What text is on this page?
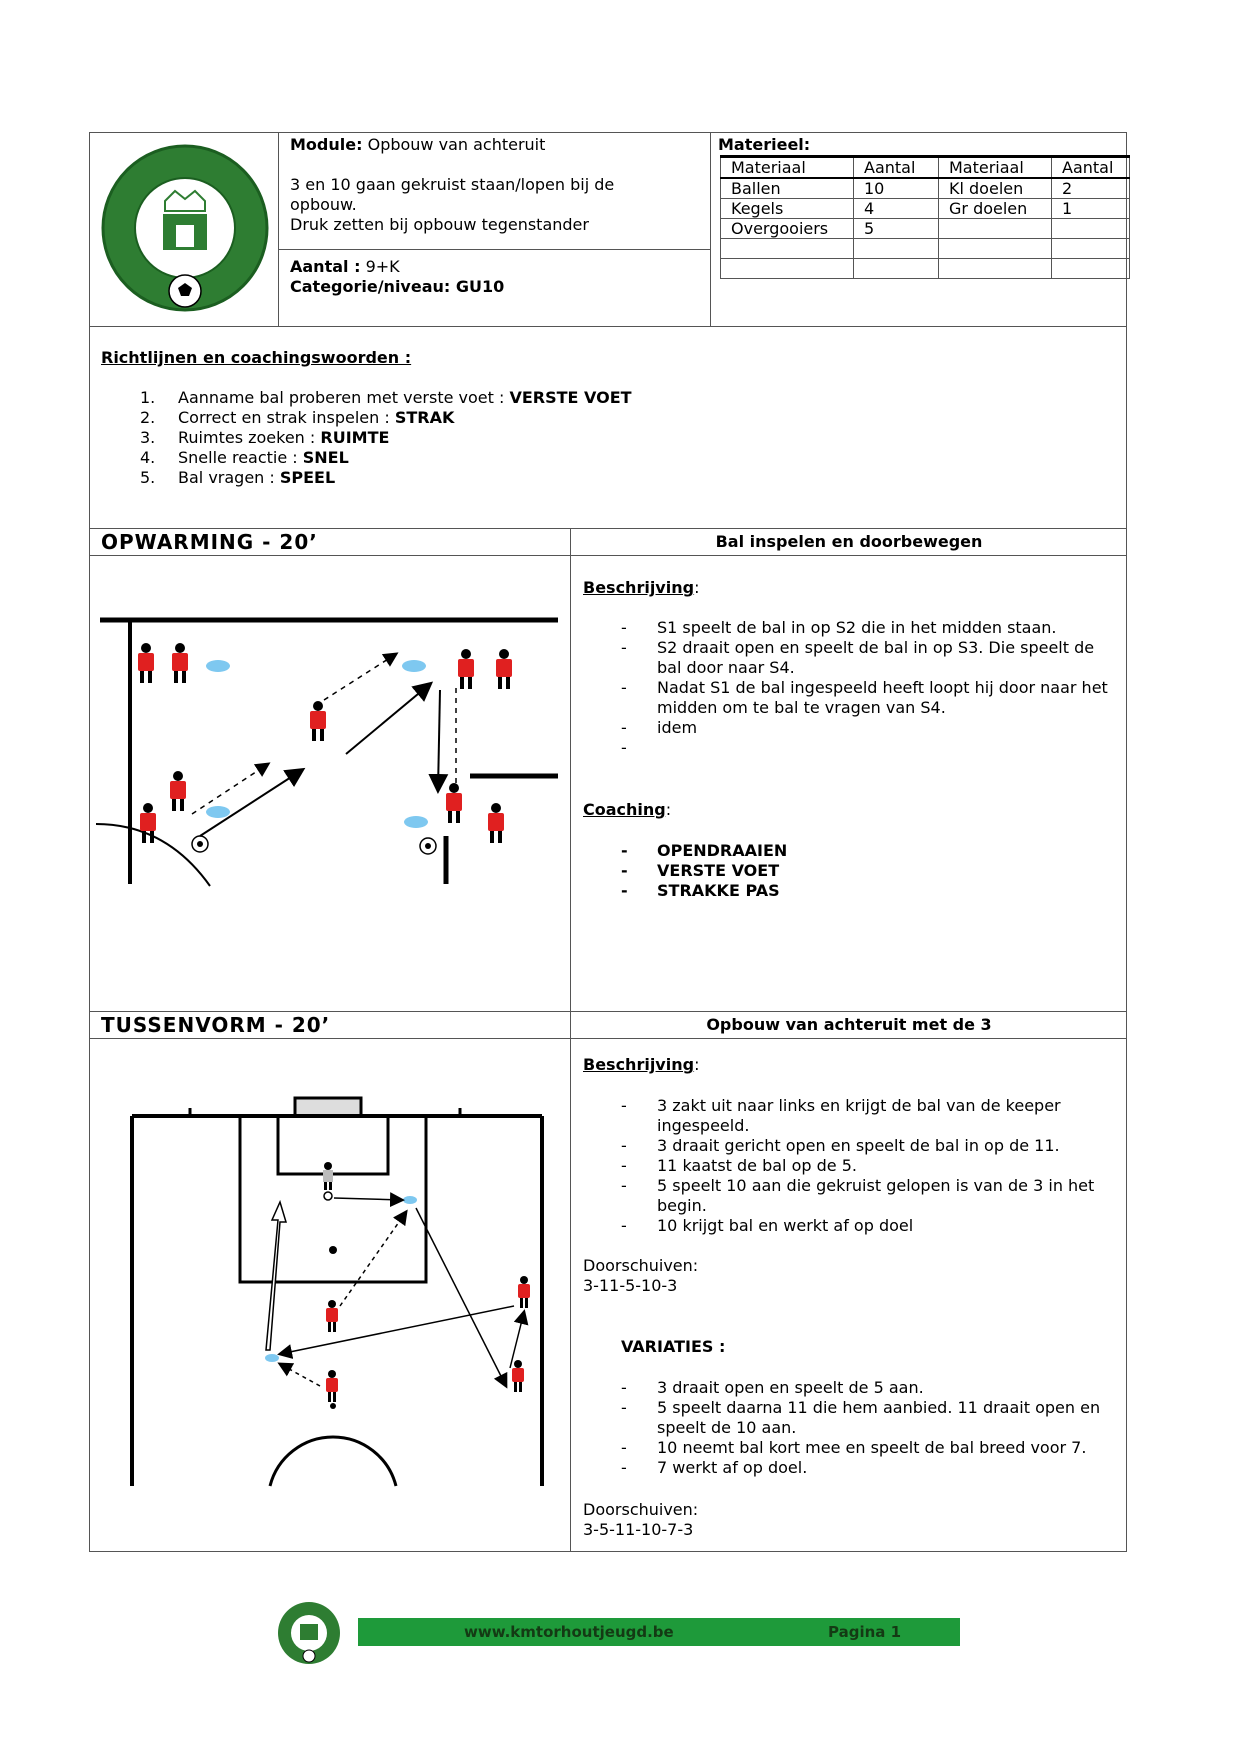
Module: Opbouw van achteruit
3 en 10 gaan gekruist staan/lopen bij de
opbouw.
Druk zetten bij opbouw tegenstander
Aantal : 9+K
Categorie/niveau: GU10
Materieel:
Materiaal	Aantal	Materiaal	Aantal
Ballen	10	Kl doelen	2
Kegels	4	Gr doelen	1
Overgooiers	5		

Richtlijnen en coachingswoorden :
1. Aanname bal proberen met verste voet : VERSTE VOET
2. Correct en strak inspelen : STRAK
3. Ruimtes zoeken : RUIMTE
4. Snelle reactie : SNEL
5. Bal vragen : SPEEL
OPWARMING - 20’	Bal inspelen en doorbewegen
Beschrijving:
- S1 speelt de bal in op S2 die in het midden staan.
- S2 draait open en speelt de bal in op S3. Die speelt de bal door naar S4.
- Nadat S1 de bal ingespeeld heeft loopt hij door naar het midden om te bal te vragen van S4.
- idem
-
Coaching:
- OPENDRAAIEN
- VERSTE VOET
- STRAKKE PAS
TUSSENVORM - 20’	Opbouw van achteruit met de 3
Beschrijving:
- 3 zakt uit naar links en krijgt de bal van de keeper ingespeeld.
- 3 draait gericht open en speelt de bal in op de 11.
- 11 kaatst de bal op de 5.
- 5 speelt 10 aan die gekruist gelopen is van de 3 in het begin.
- 10 krijgt bal en werkt af op doel
Doorschuiven:
3-11-5-10-3
VARIATIES :
- 3 draait open en speelt de 5 aan.
- 5 speelt daarna 11 die hem aanbied. 11 draait open en speelt de 10 aan.
- 10 neemt bal kort mee en speelt de bal breed voor 7.
- 7 werkt af op doel.
Doorschuiven:
3-5-11-10-7-3
www.kmtorhoutjeugd.be	Pagina 1
